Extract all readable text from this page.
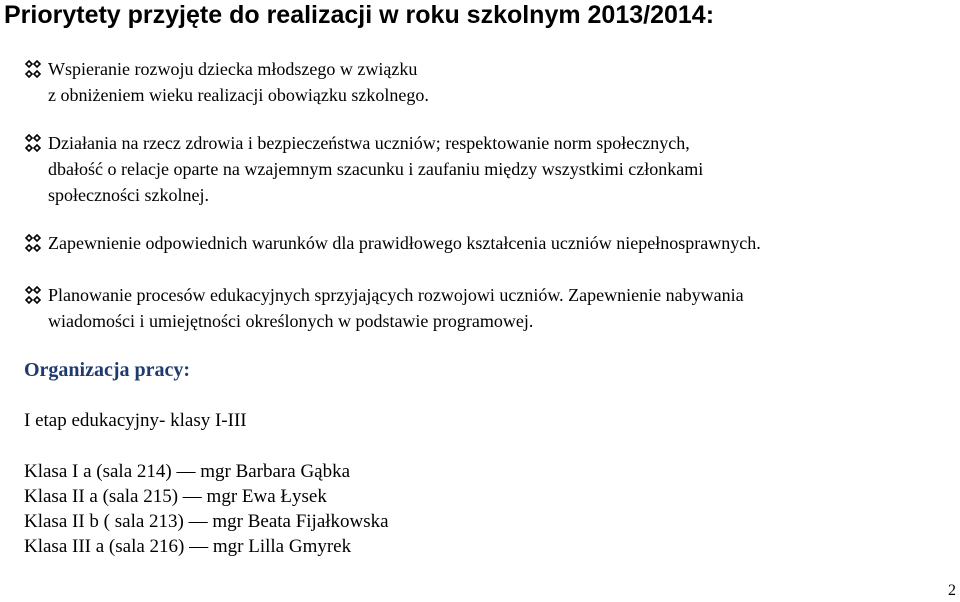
Priorytety przyjęte do realizacji w roku szkolnym 2013/2014:
Wspieranie rozwoju dziecka młodszego w związku
z obniżeniem wieku realizacji obowiązku szkolnego.
Działania na rzecz zdrowia i bezpieczeństwa uczniów; respektowanie norm społecznych,
dbałość o relacje oparte na wzajemnym szacunku i zaufaniu między wszystkimi członkami
społeczności szkolnej.
Zapewnienie odpowiednich warunków dla prawidłowego kształcenia uczniów niepełnosprawnych.
Planowanie procesów edukacyjnych sprzyjających rozwojowi uczniów. Zapewnienie nabywania
wiadomości i umiejętności określonych w podstawie programowej.
Organizacja pracy:
I etap edukacyjny- klasy I-III
Klasa I a (sala 214) — mgr Barbara Gąbka
Klasa II a (sala 215) — mgr Ewa Łysek
Klasa II b ( sala 213) — mgr Beata Fijałkowska
Klasa III a (sala 216) — mgr Lilla Gmyrek
2
